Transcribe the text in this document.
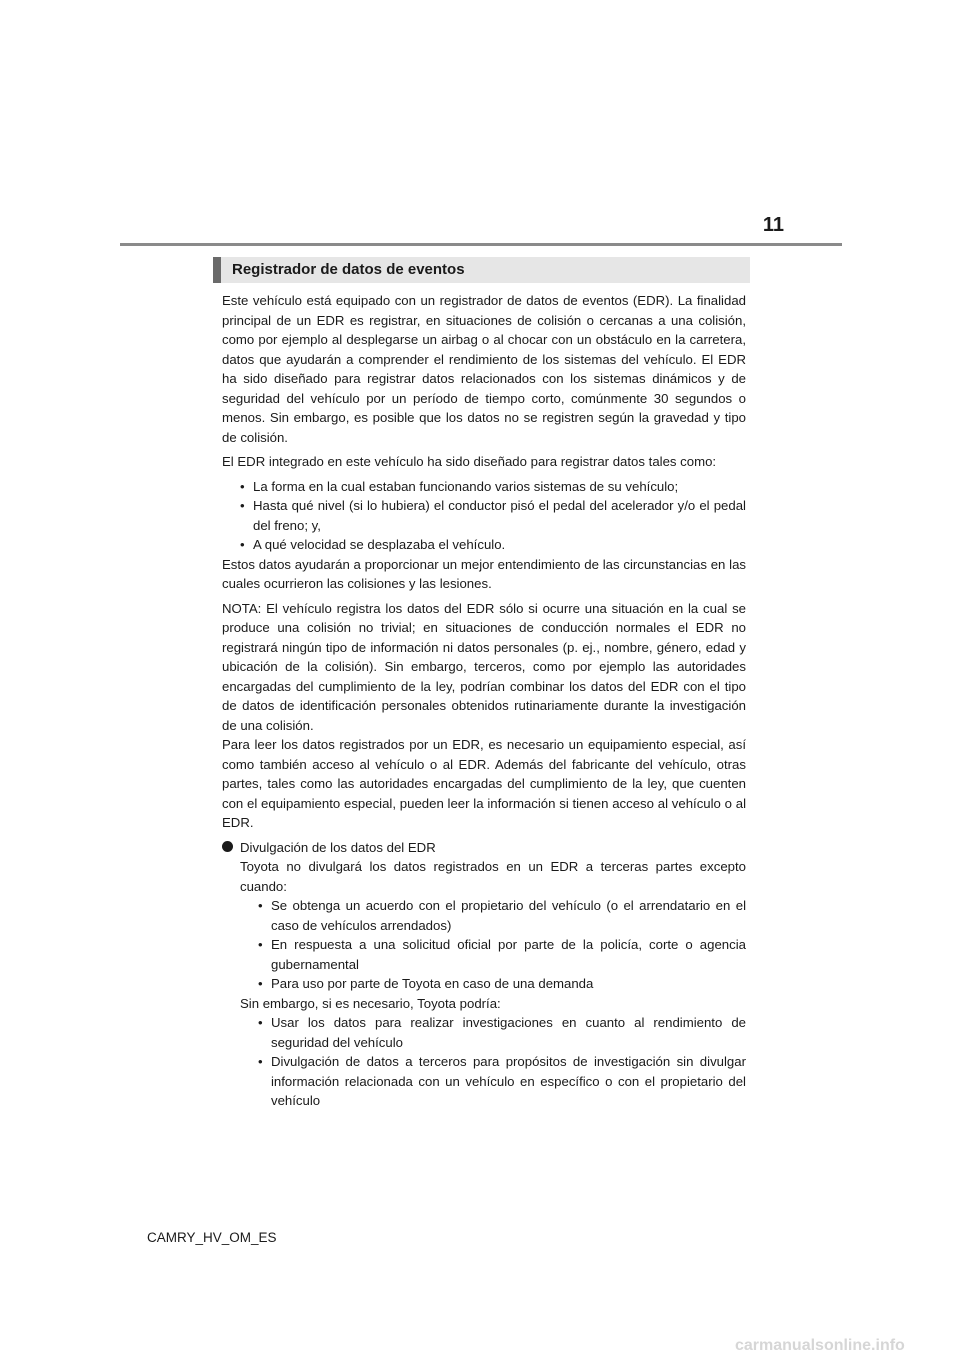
11
Registrador de datos de eventos

Este vehículo está equipado con un registrador de datos de eventos (EDR). La finalidad principal de un EDR es registrar, en situaciones de colisión o cercanas a una colisión, como por ejemplo al desplegarse un airbag o al chocar con un obstáculo en la carretera, datos que ayudarán a comprender el rendimiento de los sistemas del vehículo. El EDR ha sido diseñado para registrar datos relacionados con los sistemas dinámicos y de seguridad del vehículo por un período de tiempo corto, comúnmente 30 segundos o menos. Sin embargo, es posible que los datos no se registren según la gravedad y tipo de colisión.

El EDR integrado en este vehículo ha sido diseñado para registrar datos tales como:

• La forma en la cual estaban funcionando varios sistemas de su vehículo;
• Hasta qué nivel (si lo hubiera) el conductor pisó el pedal del acelerador y/o el pedal del freno; y,
• A qué velocidad se desplazaba el vehículo.

Estos datos ayudarán a proporcionar un mejor entendimiento de las circunstancias en las cuales ocurrieron las colisiones y las lesiones.

NOTA: El vehículo registra los datos del EDR sólo si ocurre una situación en la cual se produce una colisión no trivial; en situaciones de conducción normales el EDR no registrará ningún tipo de información ni datos personales (p. ej., nombre, género, edad y ubicación de la colisión). Sin embargo, terceros, como por ejemplo las autoridades encargadas del cumplimiento de la ley, podrían combinar los datos del EDR con el tipo de datos de identificación personales obtenidos rutinariamente durante la investigación de una colisión.

Para leer los datos registrados por un EDR, es necesario un equipamiento especial, así como también acceso al vehículo o al EDR. Además del fabricante del vehículo, otras partes, tales como las autoridades encargadas del cumplimiento de la ley, que cuenten con el equipamiento especial, pueden leer la información si tienen acceso al vehículo o al EDR.

Divulgación de los datos del EDR

Toyota no divulgará los datos registrados en un EDR a terceras partes excepto cuando:

• Se obtenga un acuerdo con el propietario del vehículo (o el arrendatario en el caso de vehículos arrendados)
• En respuesta a una solicitud oficial por parte de la policía, corte o agencia gubernamental
• Para uso por parte de Toyota en caso de una demanda

Sin embargo, si es necesario, Toyota podría:

• Usar los datos para realizar investigaciones en cuanto al rendimiento de seguridad del vehículo
• Divulgación de datos a terceros para propósitos de investigación sin divulgar información relacionada con un vehículo en específico o con el propietario del vehículo
CAMRY_HV_OM_ES
carmanualsonline.info
